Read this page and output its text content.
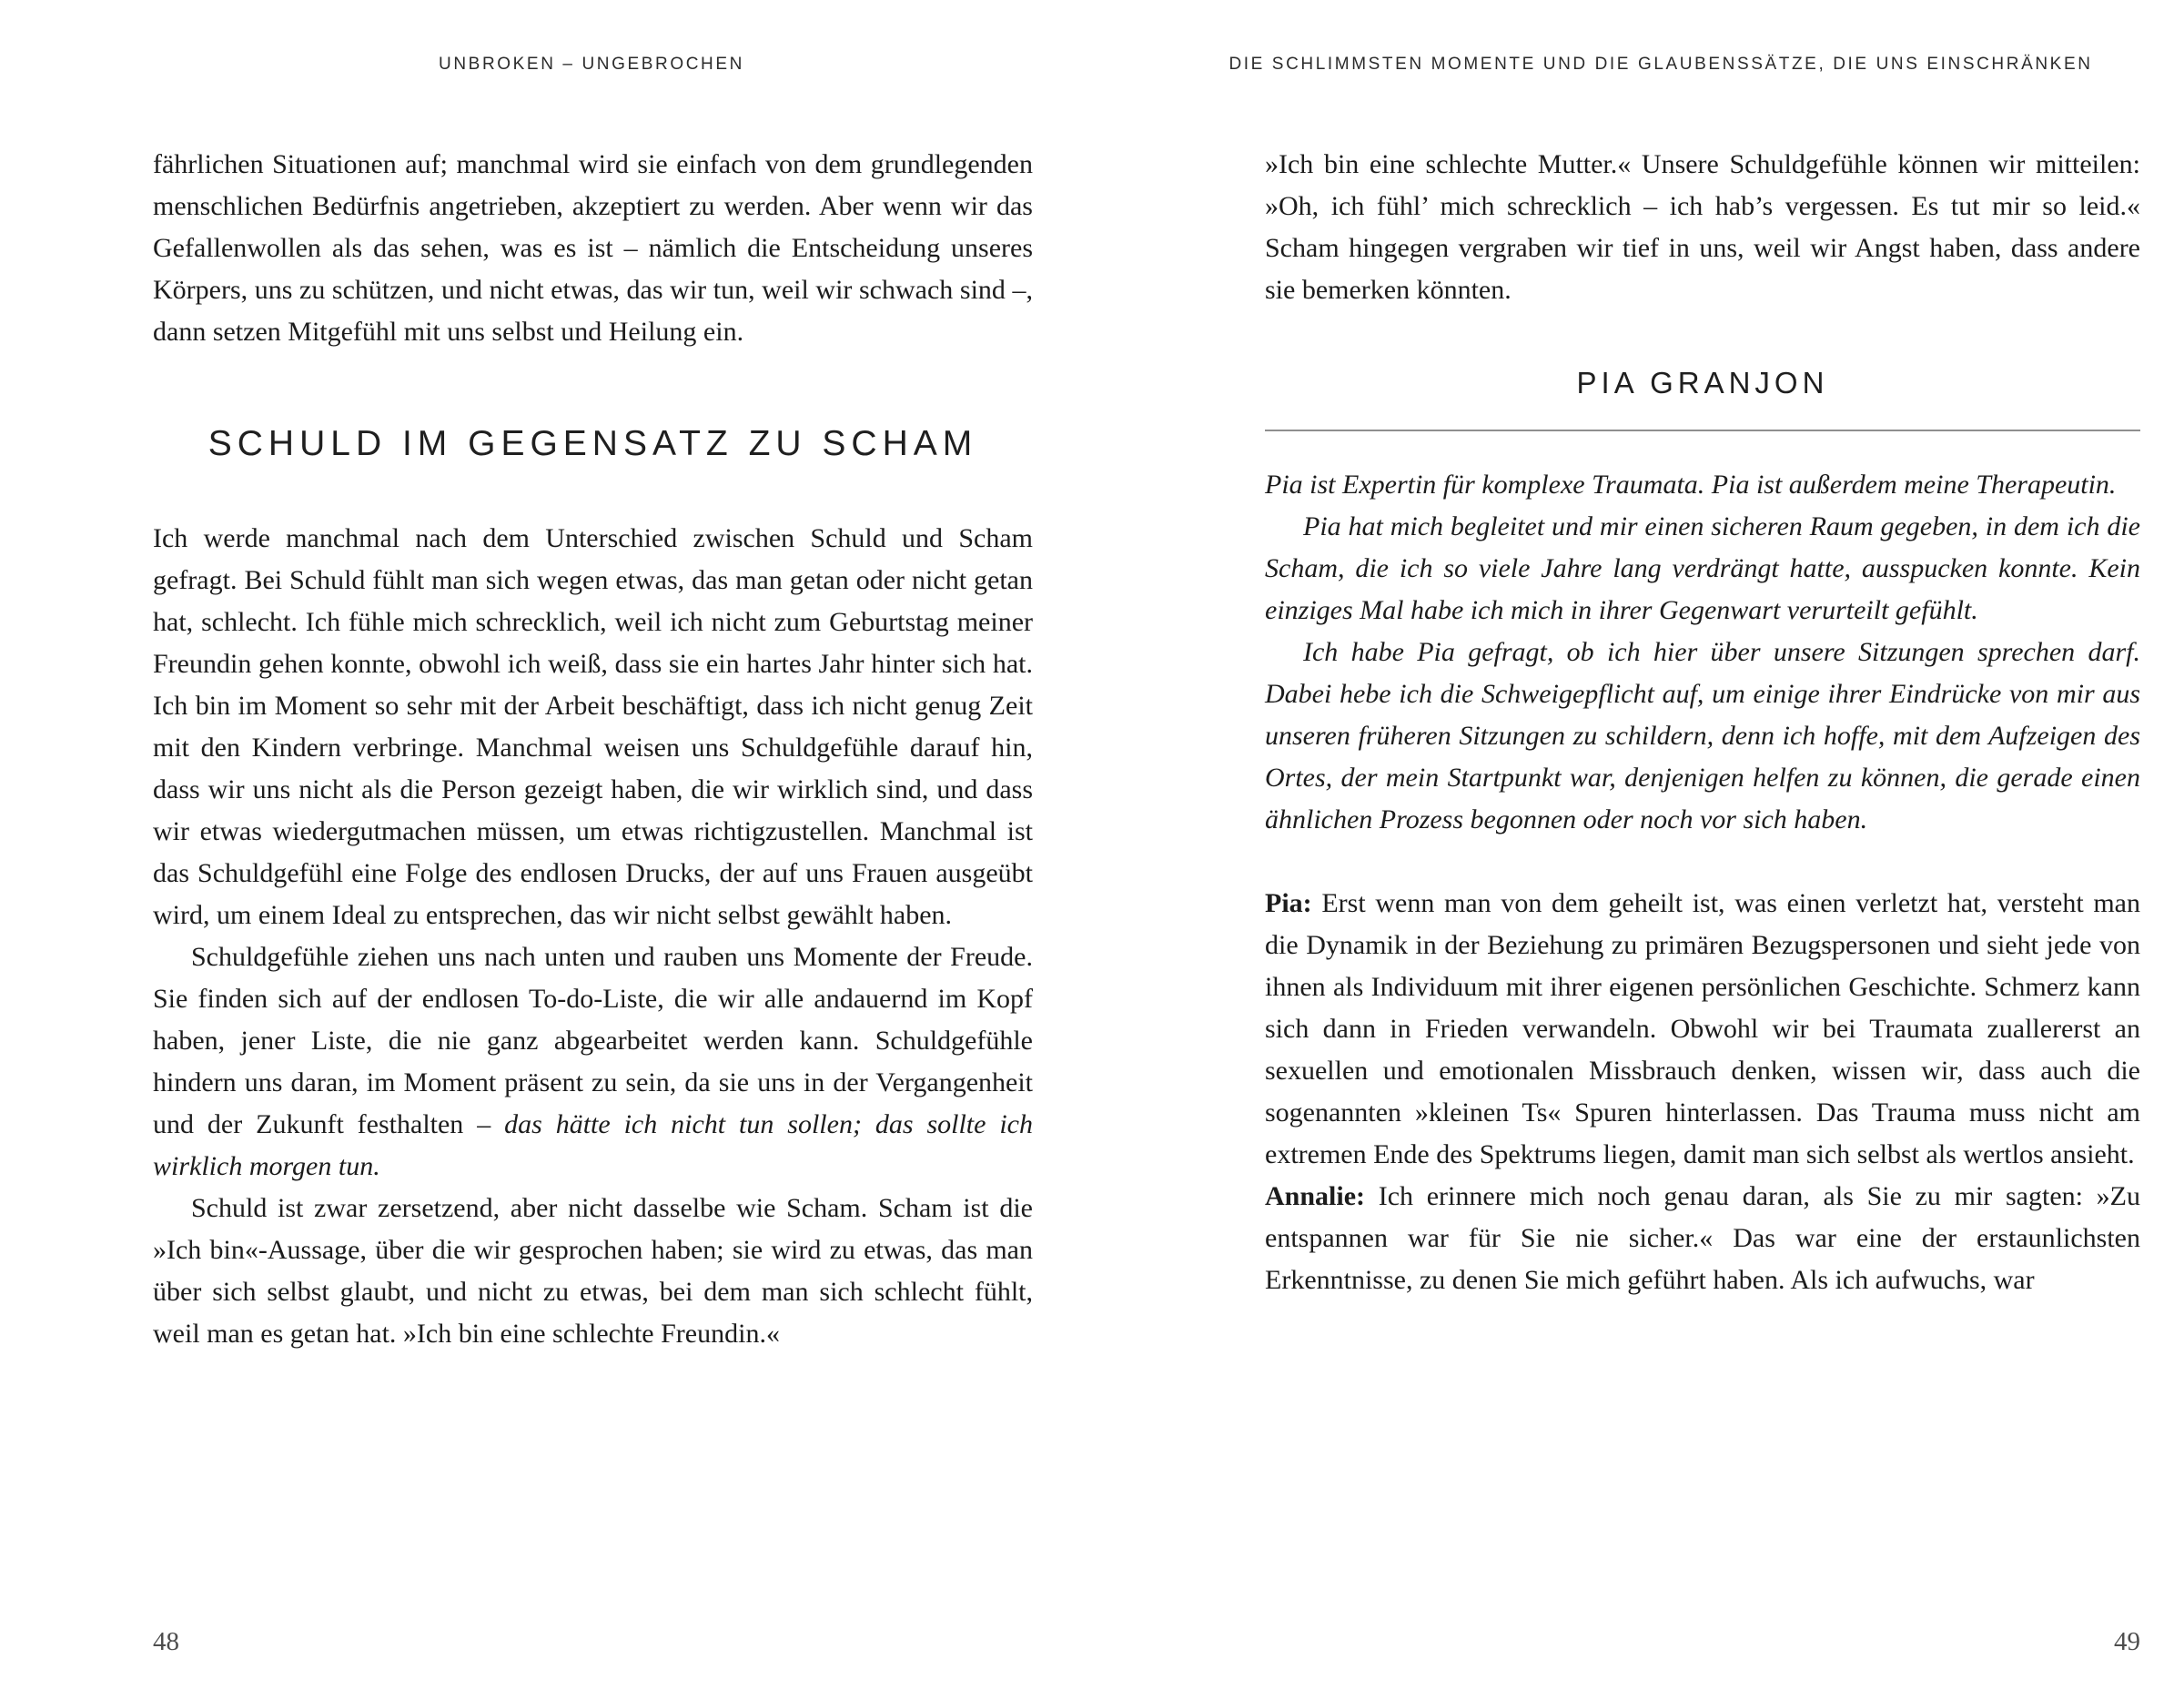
UNBROKEN – UNGEBROCHEN

fährlichen Situationen auf; manchmal wird sie einfach von dem grundlegenden menschlichen Bedürfnis angetrieben, akzeptiert zu werden. Aber wenn wir das Gefallenwollen als das sehen, was es ist – nämlich die Entscheidung unseres Körpers, uns zu schützen, und nicht etwas, das wir tun, weil wir schwach sind –, dann setzen Mitgefühl mit uns selbst und Heilung ein.

SCHULD IM GEGENSATZ ZU SCHAM

Ich werde manchmal nach dem Unterschied zwischen Schuld und Scham gefragt. Bei Schuld fühlt man sich wegen etwas, das man getan oder nicht getan hat, schlecht. Ich fühle mich schrecklich, weil ich nicht zum Geburtstag meiner Freundin gehen konnte, obwohl ich weiß, dass sie ein hartes Jahr hinter sich hat. Ich bin im Moment so sehr mit der Arbeit beschäftigt, dass ich nicht genug Zeit mit den Kindern verbringe. Manchmal weisen uns Schuldgefühle darauf hin, dass wir uns nicht als die Person gezeigt haben, die wir wirklich sind, und dass wir etwas wiedergutmachen müssen, um etwas richtigzustellen. Manchmal ist das Schuldgefühl eine Folge des endlosen Drucks, der auf uns Frauen ausgeübt wird, um einem Ideal zu entsprechen, das wir nicht selbst gewählt haben.

Schuldgefühle ziehen uns nach unten und rauben uns Momente der Freude. Sie finden sich auf der endlosen To-do-Liste, die wir alle andauernd im Kopf haben, jener Liste, die nie ganz abgearbeitet werden kann. Schuldgefühle hindern uns daran, im Moment präsent zu sein, da sie uns in der Vergangenheit und der Zukunft festhalten – das hätte ich nicht tun sollen; das sollte ich wirklich morgen tun.

Schuld ist zwar zersetzend, aber nicht dasselbe wie Scham. Scham ist die »Ich bin«-Aussage, über die wir gesprochen haben; sie wird zu etwas, das man über sich selbst glaubt, und nicht zu etwas, bei dem man sich schlecht fühlt, weil man es getan hat. »Ich bin eine schlechte Freundin.«

48
DIE SCHLIMMSTEN MOMENTE UND DIE GLAUBENSSÄTZE, DIE UNS EINSCHRÄNKEN

»Ich bin eine schlechte Mutter.« Unsere Schuldgefühle können wir mitteilen: »Oh, ich fühl’ mich schrecklich – ich hab’s vergessen. Es tut mir so leid.« Scham hingegen vergraben wir tief in uns, weil wir Angst haben, dass andere sie bemerken könnten.

PIA GRANJON

Pia ist Expertin für komplexe Traumata. Pia ist außerdem meine Therapeutin.

Pia hat mich begleitet und mir einen sicheren Raum gegeben, in dem ich die Scham, die ich so viele Jahre lang verdrängt hatte, ausspucken konnte. Kein einziges Mal habe ich mich in ihrer Gegenwart verurteilt gefühlt.

Ich habe Pia gefragt, ob ich hier über unsere Sitzungen sprechen darf. Dabei hebe ich die Schweigepflicht auf, um einige ihrer Eindrücke von mir aus unseren früheren Sitzungen zu schildern, denn ich hoffe, mit dem Aufzeigen des Ortes, der mein Startpunkt war, denjenigen helfen zu können, die gerade einen ähnlichen Prozess begonnen oder noch vor sich haben.

Pia: Erst wenn man von dem geheilt ist, was einen verletzt hat, versteht man die Dynamik in der Beziehung zu primären Bezugspersonen und sieht jede von ihnen als Individuum mit ihrer eigenen persönlichen Geschichte. Schmerz kann sich dann in Frieden verwandeln. Obwohl wir bei Traumata zuallererst an sexuellen und emotionalen Missbrauch denken, wissen wir, dass auch die sogenannten »kleinen Ts« Spuren hinterlassen. Das Trauma muss nicht am extremen Ende des Spektrums liegen, damit man sich selbst als wertlos ansieht.

Annalie: Ich erinnere mich noch genau daran, als Sie zu mir sagten: »Zu entspannen war für Sie nie sicher.« Das war eine der erstaunlichsten Erkenntnisse, zu denen Sie mich geführt haben. Als ich aufwuchs, war

49
